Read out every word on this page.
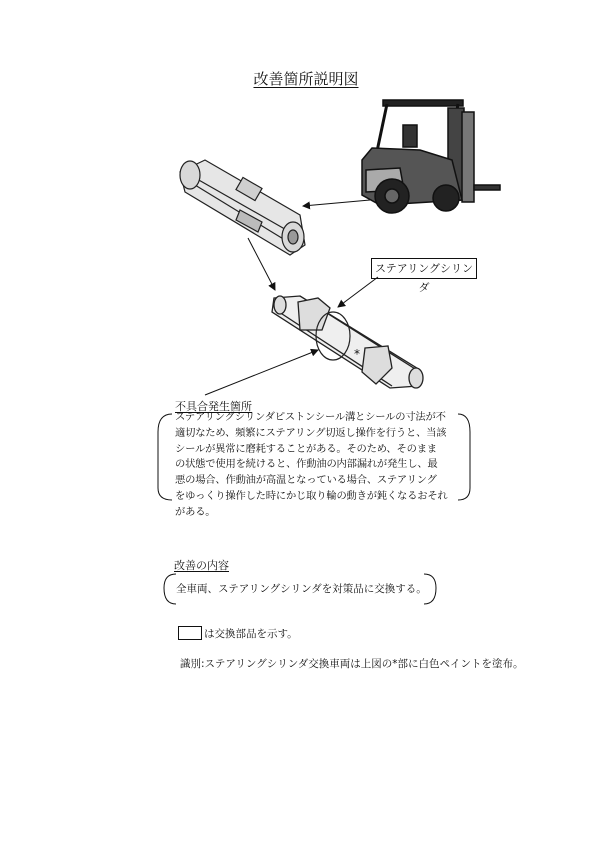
改善箇所説明図
*
ステアリングシリンダ
不具合発生箇所
ステアリングシリンダピストンシール溝とシールの寸法が不
適切なため、頻繁にステアリング切返し操作を行うと、当該
シールが異常に磨耗することがある。そのため、そのまま
の状態で使用を続けると、作動油の内部漏れが発生し、最
悪の場合、作動油が高温となっている場合、ステアリング
をゆっくり操作した時にかじ取り輪の動きが鈍くなるおそれ
がある。
改善の内容
全車両、ステアリングシリンダを対策品に交換する。
は交換部品を示す。
識別:ステアリングシリンダ交換車両は上図の*部に白色ペイントを塗布。
